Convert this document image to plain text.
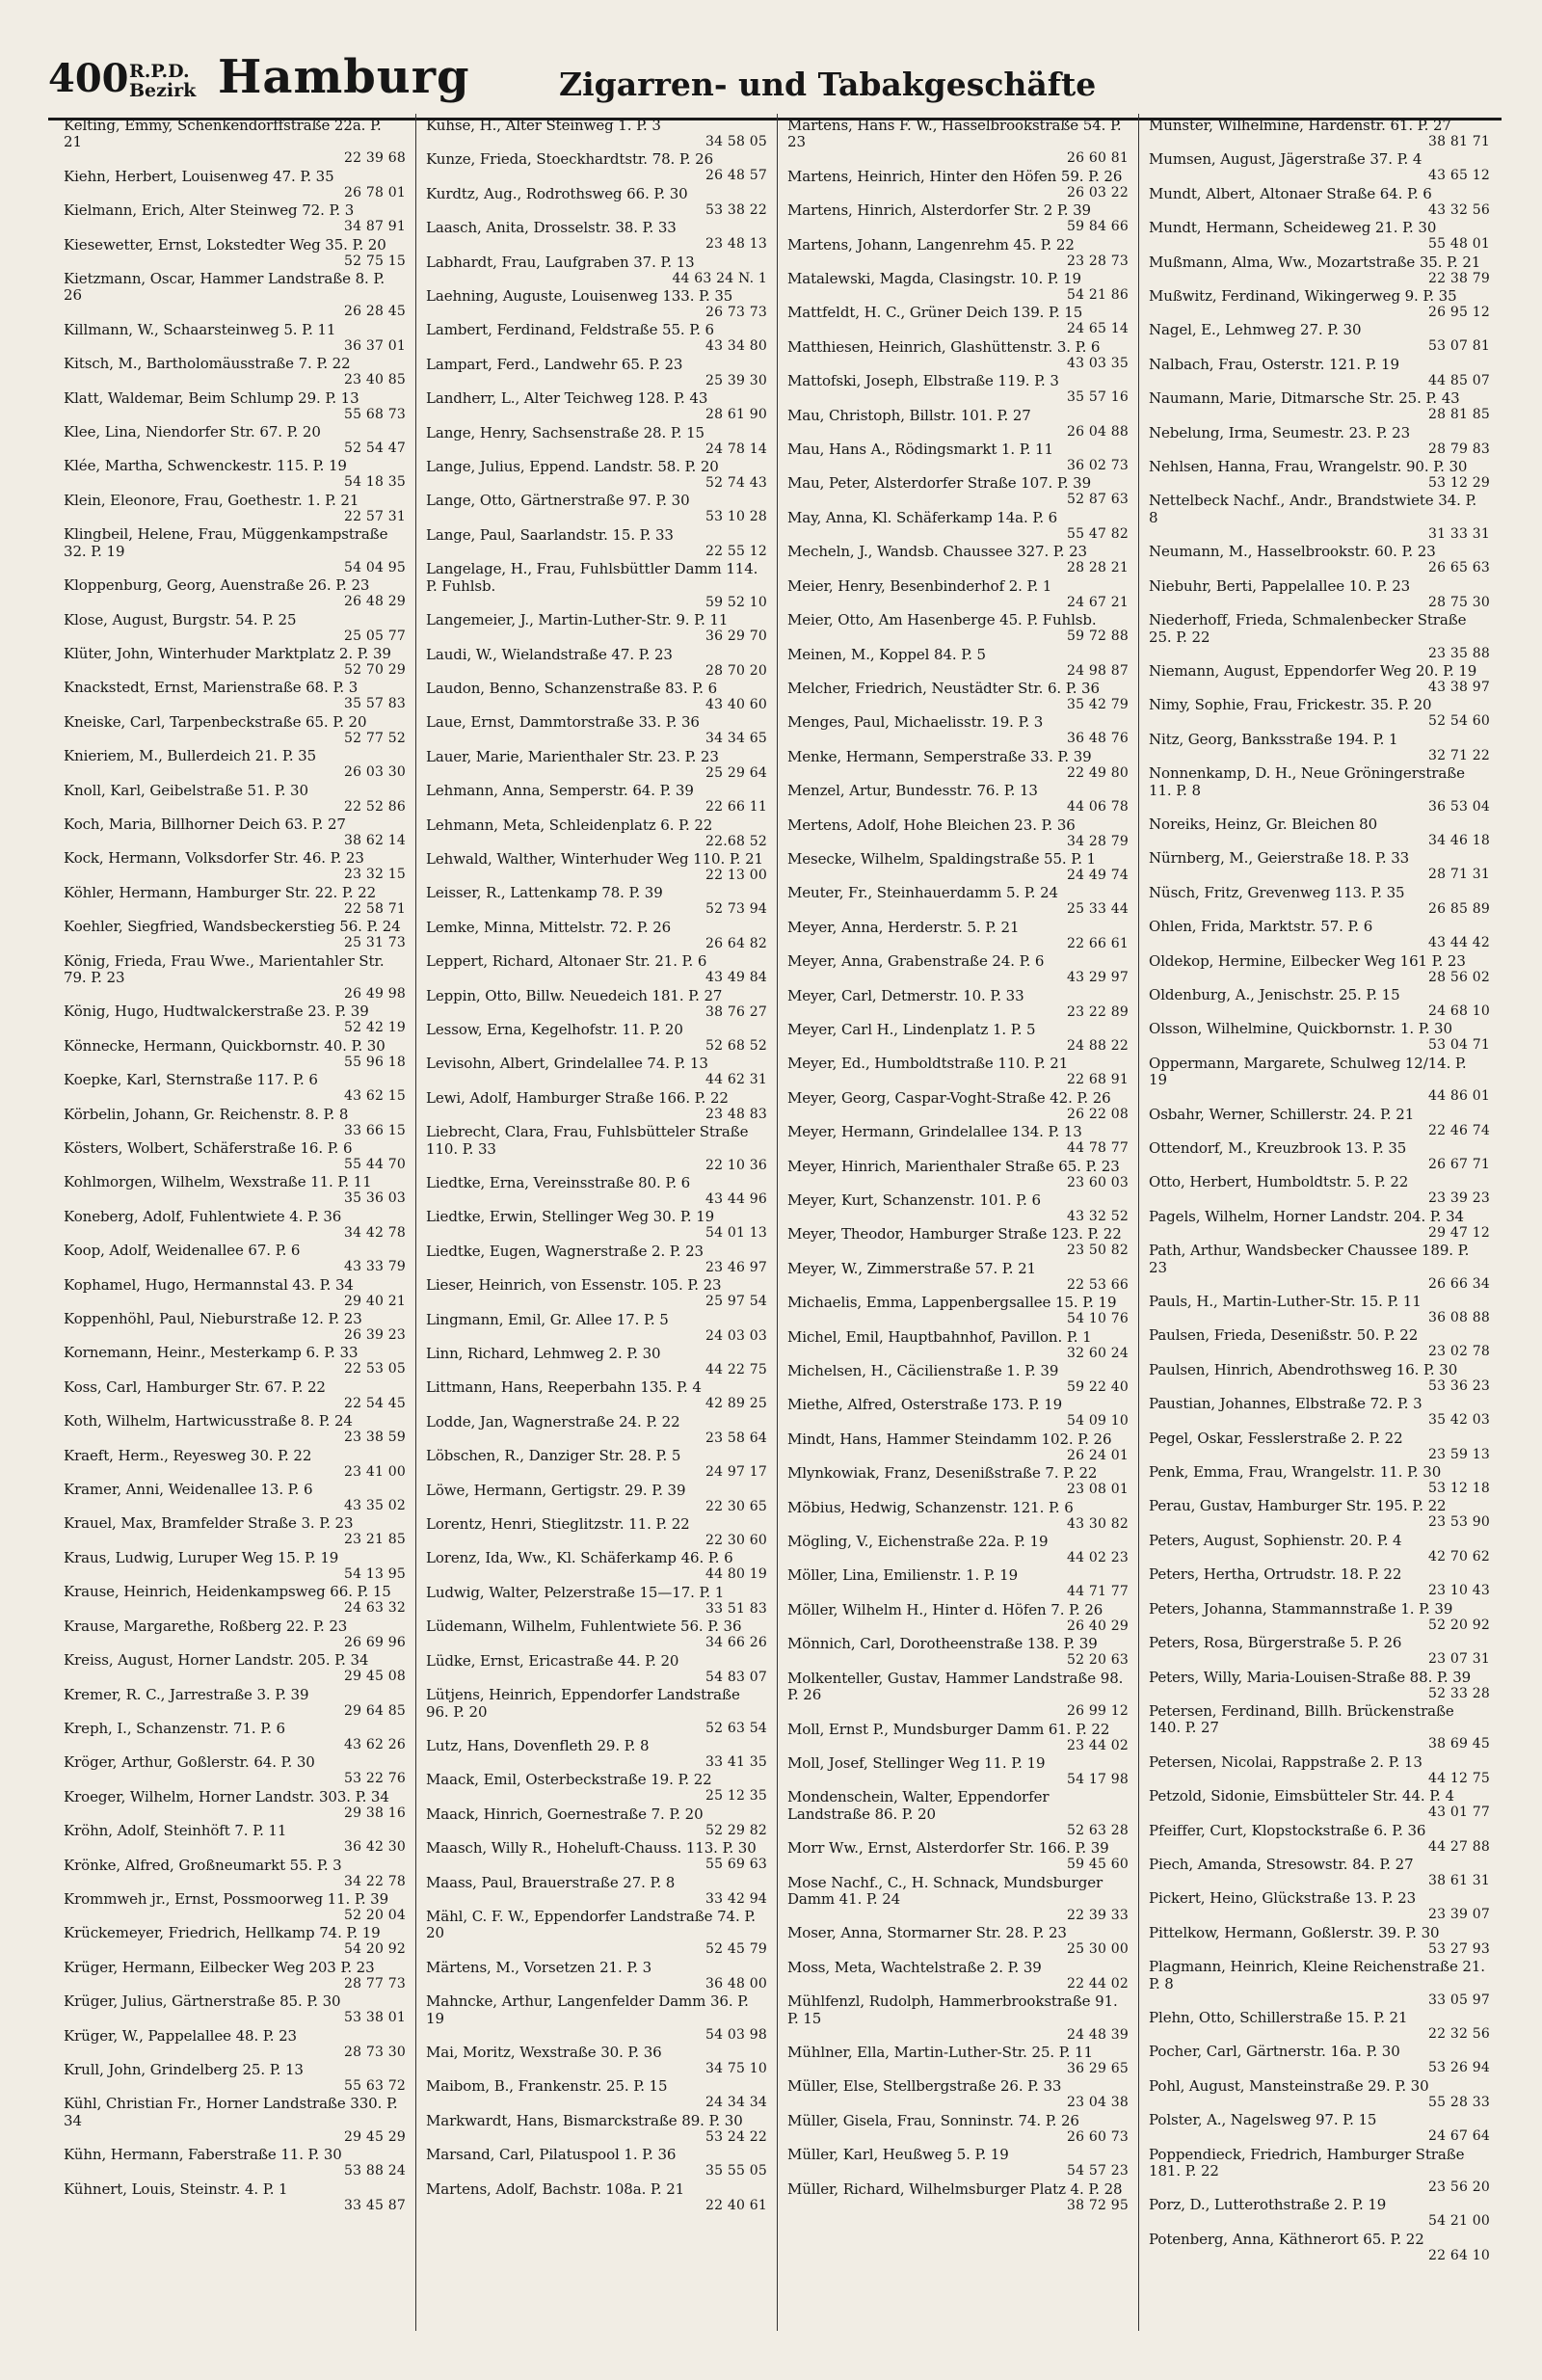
400 R.P.D.
Bezirk Hamburg	Zigarren- und Tabakgeschäfte
Kelting, Emmy, Schenkendorffstraße 22a. P. 21
22 39 68
Kiehn, Herbert, Louisenweg 47. P. 35
26 78 01
Kielmann, Erich, Alter Steinweg 72. P. 3
34 87 91
Kiesewetter, Ernst, Lokstedter Weg 35. P. 20
52 75 15
Kietzmann, Oscar, Hammer Landstraße 8. P. 26
26 28 45
Killmann, W., Schaarsteinweg 5. P. 11
36 37 01
Kitsch, M., Bartholomäusstraße 7. P. 22
23 40 85
Klatt, Waldemar, Beim Schlump 29. P. 13
55 68 73
Klee, Lina, Niendorfer Str. 67. P. 20
52 54 47
Klée, Martha, Schwenckestr. 115. P. 19
54 18 35
Klein, Eleonore, Frau, Goethestr. 1. P. 21
22 57 31
Klingbeil, Helene, Frau, Müggenkampstraße 32. P. 19
54 04 95
Kloppenburg, Georg, Auenstraße 26. P. 23
26 48 29
Klose, August, Burgstr. 54. P. 25
25 05 77
Klüter, John, Winterhuder Marktplatz 2. P. 39
52 70 29
Knackstedt, Ernst, Marienstraße 68. P. 3
35 57 83
Kneiske, Carl, Tarpenbeckstraße 65. P. 20
52 77 52
Knieriem, M., Bullerdeich 21. P. 35
26 03 30
Knoll, Karl, Geibelstraße 51. P. 30
22 52 86
Koch, Maria, Billhorner Deich 63. P. 27
38 62 14
Kock, Hermann, Volksdorfer Str. 46. P. 23
23 32 15
Köhler, Hermann, Hamburger Str. 22. P. 22
22 58 71
Koehler, Siegfried, Wandsbeckerstieg 56. P. 24
25 31 73
König, Frieda, Frau Wwe., Marientahler Str. 79. P. 23
26 49 98
König, Hugo, Hudtwalckerstraße 23. P. 39
52 42 19
Könnecke, Hermann, Quickbornstr. 40. P. 30
55 96 18
Koepke, Karl, Sternstraße 117. P. 6
43 62 15
Körbelin, Johann, Gr. Reichenstr. 8. P. 8
33 66 15
Kösters, Wolbert, Schäferstraße 16. P. 6
55 44 70
Kohlmorgen, Wilhelm, Wexstraße 11. P. 11
35 36 03
Koneberg, Adolf, Fuhlentwiete 4. P. 36
34 42 78
Koop, Adolf, Weidenallee 67. P. 6
43 33 79
Kophamel, Hugo, Hermannstal 43. P. 34
29 40 21
Koppenhöhl, Paul, Nieburstraße 12. P. 23
26 39 23
Kornemann, Heinr., Mesterkamp 6. P. 33
22 53 05
Koss, Carl, Hamburger Str. 67. P. 22
22 54 45
Koth, Wilhelm, Hartwicusstraße 8. P. 24
23 38 59
Kraeft, Herm., Reyesweg 30. P. 22
23 41 00
Kramer, Anni, Weidenallee 13. P. 6
43 35 02
Krauel, Max, Bramfelder Straße 3. P. 23
23 21 85
Kraus, Ludwig, Luruper Weg 15. P. 19
54 13 95
Krause, Heinrich, Heidenkampsweg 66. P. 15
24 63 32
Krause, Margarethe, Roßberg 22. P. 23
26 69 96
Kreiss, August, Horner Landstr. 205. P. 34
29 45 08
Kremer, R. C., Jarrestraße 3. P. 39
29 64 85
Kreph, I., Schanzenstr. 71. P. 6
43 62 26
Kröger, Arthur, Goßlerstr. 64. P. 30
53 22 76
Kroeger, Wilhelm, Horner Landstr. 303. P. 34
29 38 16
Kröhn, Adolf, Steinhöft 7. P. 11
36 42 30
Krönke, Alfred, Großneumarkt 55. P. 3
34 22 78
Krommweh jr., Ernst, Possmoorweg 11. P. 39
52 20 04
Krückemeyer, Friedrich, Hellkamp 74. P. 19
54 20 92
Krüger, Hermann, Eilbecker Weg 203 P. 23
28 77 73
Krüger, Julius, Gärtnerstraße 85. P. 30
53 38 01
Krüger, W., Pappelallee 48. P. 23
28 73 30
Krull, John, Grindelberg 25. P. 13
55 63 72
Kühl, Christian Fr., Horner Landstraße 330. P. 34
29 45 29
Kühn, Hermann, Faberstraße 11. P. 30
53 88 24
Kühnert, Louis, Steinstr. 4. P. 1
33 45 87
Kuhse, H., Alter Steinweg 1. P. 3
34 58 05
Kunze, Frieda, Stoeckhardtstr. 78. P. 26
26 48 57
Kurdtz, Aug., Rodrothsweg 66. P. 30
53 38 22
Laasch, Anita, Drosselstr. 38. P. 33
23 48 13
Labhardt, Frau, Laufgraben 37. P. 13
44 63 24 N. 1
Laehning, Auguste, Louisenweg 133. P. 35
26 73 73
Lambert, Ferdinand, Feldstraße 55. P. 6
43 34 80
Lampart, Ferd., Landwehr 65. P. 23
25 39 30
Landherr, L., Alter Teichweg 128. P. 43
28 61 90
Lange, Henry, Sachsenstraße 28. P. 15
24 78 14
Lange, Julius, Eppend. Landstr. 58. P. 20
52 74 43
Lange, Otto, Gärtnerstraße 97. P. 30
53 10 28
Lange, Paul, Saarlandstr. 15. P. 33
22 55 12
Langelage, H., Frau, Fuhlsbüttler Damm 114. P. Fuhlsb.
59 52 10
Langemeier, J., Martin-Luther-Str. 9. P. 11
36 29 70
Laudi, W., Wielandstraße 47. P. 23
28 70 20
Laudon, Benno, Schanzenstraße 83. P. 6
43 40 60
Laue, Ernst, Dammtorstraße 33. P. 36
34 34 65
Lauer, Marie, Marienthaler Str. 23. P. 23
25 29 64
Lehmann, Anna, Semperstr. 64. P. 39
22 66 11
Lehmann, Meta, Schleidenplatz 6. P. 22
22.68 52
Lehwald, Walther, Winterhuder Weg 110. P. 21
22 13 00
Leisser, R., Lattenkamp 78. P. 39
52 73 94
Lemke, Minna, Mittelstr. 72. P. 26
26 64 82
Leppert, Richard, Altonaer Str. 21. P. 6
43 49 84
Leppin, Otto, Billw. Neuedeich 181. P. 27
38 76 27
Lessow, Erna, Kegelhofstr. 11. P. 20
52 68 52
Levisohn, Albert, Grindelallee 74. P. 13
44 62 31
Lewi, Adolf, Hamburger Straße 166. P. 22
23 48 83
Liebrecht, Clara, Frau, Fuhlsbütteler Straße 110. P. 33
22 10 36
Liedtke, Erna, Vereinsstraße 80. P. 6
43 44 96
Liedtke, Erwin, Stellinger Weg 30. P. 19
54 01 13
Liedtke, Eugen, Wagnerstraße 2. P. 23
23 46 97
Lieser, Heinrich, von Essenstr. 105. P. 23
25 97 54
Lingmann, Emil, Gr. Allee 17. P. 5
24 03 03
Linn, Richard, Lehmweg 2. P. 30
44 22 75
Littmann, Hans, Reeperbahn 135. P. 4
42 89 25
Lodde, Jan, Wagnerstraße 24. P. 22
23 58 64
Löbschen, R., Danziger Str. 28. P. 5
24 97 17
Löwe, Hermann, Gertigstr. 29. P. 39
22 30 65
Lorentz, Henri, Stieglitzstr. 11. P. 22
22 30 60
Lorenz, Ida, Ww., Kl. Schäferkamp 46. P. 6
44 80 19
Ludwig, Walter, Pelzerstraße 15—17. P. 1
33 51 83
Lüdemann, Wilhelm, Fuhlentwiete 56. P. 36
34 66 26
Lüdke, Ernst, Ericastraße 44. P. 20
54 83 07
Lütjens, Heinrich, Eppendorfer Landstraße 96. P. 20
52 63 54
Lutz, Hans, Dovenfleth 29. P. 8
33 41 35
Maack, Emil, Osterbeckstraße 19. P. 22
25 12 35
Maack, Hinrich, Goernestraße 7. P. 20
52 29 82
Maasch, Willy R., Hoheluft-Chauss. 113. P. 30
55 69 63
Maass, Paul, Brauerstraße 27. P. 8
33 42 94
Mähl, C. F. W., Eppendorfer Landstraße 74. P. 20
52 45 79
Märtens, M., Vorsetzen 21. P. 3
36 48 00
Mahncke, Arthur, Langenfelder Damm 36. P. 19
54 03 98
Mai, Moritz, Wexstraße 30. P. 36
34 75 10
Maibom, B., Frankenstr. 25. P. 15
24 34 34
Markwardt, Hans, Bismarckstraße 89. P. 30
53 24 22
Marsand, Carl, Pilatuspool 1. P. 36
35 55 05
Martens, Adolf, Bachstr. 108a. P. 21
22 40 61
Martens, Hans F. W., Hasselbrookstraße 54. P. 23
26 60 81
Martens, Heinrich, Hinter den Höfen 59. P. 26
26 03 22
Martens, Hinrich, Alsterdorfer Str. 2 P. 39
59 84 66
Martens, Johann, Langenrehm 45. P. 22
23 28 73
Matalewski, Magda, Clasingstr. 10. P. 19
54 21 86
Mattfeldt, H. C., Grüner Deich 139. P. 15
24 65 14
Matthiesen, Heinrich, Glashüttenstr. 3. P. 6
43 03 35
Mattofski, Joseph, Elbstraße 119. P. 3
35 57 16
Mau, Christoph, Billstr. 101. P. 27
26 04 88
Mau, Hans A., Rödingsmarkt 1. P. 11
36 02 73
Mau, Peter, Alsterdorfer Straße 107. P. 39
52 87 63
May, Anna, Kl. Schäferkamp 14a. P. 6
55 47 82
Mecheln, J., Wandsb. Chaussee 327. P. 23
28 28 21
Meier, Henry, Besenbinderhof 2. P. 1
24 67 21
Meier, Otto, Am Hasenberge 45. P. Fuhlsb.
59 72 88
Meinen, M., Koppel 84. P. 5
24 98 87
Melcher, Friedrich, Neustädter Str. 6. P. 36
35 42 79
Menges, Paul, Michaelisstr. 19. P. 3
36 48 76
Menke, Hermann, Semperstraße 33. P. 39
22 49 80
Menzel, Artur, Bundesstr. 76. P. 13
44 06 78
Mertens, Adolf, Hohe Bleichen 23. P. 36
34 28 79
Mesecke, Wilhelm, Spaldingstraße 55. P. 1
24 49 74
Meuter, Fr., Steinhauerdamm 5. P. 24
25 33 44
Meyer, Anna, Herderstr. 5. P. 21
22 66 61
Meyer, Anna, Grabenstraße 24. P. 6
43 29 97
Meyer, Carl, Detmerstr. 10. P. 33
23 22 89
Meyer, Carl H., Lindenplatz 1. P. 5
24 88 22
Meyer, Ed., Humboldtstraße 110. P. 21
22 68 91
Meyer, Georg, Caspar-Voght-Straße 42. P. 26
26 22 08
Meyer, Hermann, Grindelallee 134. P. 13
44 78 77
Meyer, Hinrich, Marienthaler Straße 65. P. 23
23 60 03
Meyer, Kurt, Schanzenstr. 101. P. 6
43 32 52
Meyer, Theodor, Hamburger Straße 123. P. 22
23 50 82
Meyer, W., Zimmerstraße 57. P. 21
22 53 66
Michaelis, Emma, Lappenbergsallee 15. P. 19
54 10 76
Michel, Emil, Hauptbahnhof, Pavillon. P. 1
32 60 24
Michelsen, H., Cäcilienstraße 1. P. 39
59 22 40
Miethe, Alfred, Osterstraße 173. P. 19
54 09 10
Mindt, Hans, Hammer Steindamm 102. P. 26
26 24 01
Mlynkowiak, Franz, Desenißstraße 7. P. 22
23 08 01
Möbius, Hedwig, Schanzenstr. 121. P. 6
43 30 82
Mögling, V., Eichenstraße 22a. P. 19
44 02 23
Möller, Lina, Emilienstr. 1. P. 19
44 71 77
Möller, Wilhelm H., Hinter d. Höfen 7. P. 26
26 40 29
Mönnich, Carl, Dorotheenstraße 138. P. 39
52 20 63
Molkenteller, Gustav, Hammer Landstraße 98. P. 26
26 99 12
Moll, Ernst P., Mundsburger Damm 61. P. 22
23 44 02
Moll, Josef, Stellinger Weg 11. P. 19
54 17 98
Mondenschein, Walter, Eppendorfer Landstraße 86. P. 20
52 63 28
Morr Ww., Ernst, Alsterdorfer Str. 166. P. 39
59 45 60
Mose Nachf., C., H. Schnack, Mundsburger Damm 41. P. 24
22 39 33
Moser, Anna, Stormarner Str. 28. P. 23
25 30 00
Moss, Meta, Wachtelstraße 2. P. 39
22 44 02
Mühlfenzl, Rudolph, Hammerbrookstraße 91. P. 15
24 48 39
Mühlner, Ella, Martin-Luther-Str. 25. P. 11
36 29 65
Müller, Else, Stellbergstraße 26. P. 33
23 04 38
Müller, Gisela, Frau, Sonninstr. 74. P. 26
26 60 73
Müller, Karl, Heußweg 5. P. 19
54 57 23
Müller, Richard, Wilhelmsburger Platz 4. P. 28
38 72 95
Münster, Wilhelmine, Hardenstr. 61. P. 27
38 81 71
Mumsen, August, Jägerstraße 37. P. 4
43 65 12
Mundt, Albert, Altonaer Straße 64. P. 6
43 32 56
Mundt, Hermann, Scheideweg 21. P. 30
55 48 01
Mußmann, Alma, Ww., Mozartstraße 35. P. 21
22 38 79
Mußwitz, Ferdinand, Wikingerweg 9. P. 35
26 95 12
Nagel, E., Lehmweg 27. P. 30
53 07 81
Nalbach, Frau, Osterstr. 121. P. 19
44 85 07
Naumann, Marie, Ditmarsche Str. 25. P. 43
28 81 85
Nebelung, Irma, Seumestr. 23. P. 23
28 79 83
Nehlsen, Hanna, Frau, Wrangelstr. 90. P. 30
53 12 29
Nettelbeck Nachf., Andr., Brandstwiete 34. P. 8
31 33 31
Neumann, M., Hasselbrookstr. 60. P. 23
26 65 63
Niebuhr, Berti, Pappelallee 10. P. 23
28 75 30
Niederhoff, Frieda, Schmalenbecker Straße 25. P. 22
23 35 88
Niemann, August, Eppendorfer Weg 20. P. 19
43 38 97
Nimy, Sophie, Frau, Frickestr. 35. P. 20
52 54 60
Nitz, Georg, Banksstraße 194. P. 1
32 71 22
Nonnenkamp, D. H., Neue Gröningerstraße 11. P. 8
36 53 04
Noreiks, Heinz, Gr. Bleichen 80
34 46 18
Nürnberg, M., Geierstraße 18. P. 33
28 71 31
Nüsch, Fritz, Grevenweg 113. P. 35
26 85 89
Ohlen, Frida, Marktstr. 57. P. 6
43 44 42
Oldekop, Hermine, Eilbecker Weg 161 P. 23
28 56 02
Oldenburg, A., Jenischstr. 25. P. 15
24 68 10
Olsson, Wilhelmine, Quickbornstr. 1. P. 30
53 04 71
Oppermann, Margarete, Schulweg 12/14. P. 19
44 86 01
Osbahr, Werner, Schillerstr. 24. P. 21
22 46 74
Ottendorf, M., Kreuzbrook 13. P. 35
26 67 71
Otto, Herbert, Humboldtstr. 5. P. 22
23 39 23
Pagels, Wilhelm, Horner Landstr. 204. P. 34
29 47 12
Path, Arthur, Wandsbecker Chaussee 189. P. 23
26 66 34
Pauls, H., Martin-Luther-Str. 15. P. 11
36 08 88
Paulsen, Frieda, Desenißstr. 50. P. 22
23 02 78
Paulsen, Hinrich, Abendrothsweg 16. P. 30
53 36 23
Paustian, Johannes, Elbstraße 72. P. 3
35 42 03
Pegel, Oskar, Fesslerstraße 2. P. 22
23 59 13
Penk, Emma, Frau, Wrangelstr. 11. P. 30
53 12 18
Perau, Gustav, Hamburger Str. 195. P. 22
23 53 90
Peters, August, Sophienstr. 20. P. 4
42 70 62
Peters, Hertha, Ortrudstr. 18. P. 22
23 10 43
Peters, Johanna, Stammannstraße 1. P. 39
52 20 92
Peters, Rosa, Bürgerstraße 5. P. 26
23 07 31
Peters, Willy, Maria-Louisen-Straße 88. P. 39
52 33 28
Petersen, Ferdinand, Billh. Brückenstraße 140. P. 27
38 69 45
Petersen, Nicolai, Rappstraße 2. P. 13
44 12 75
Petzold, Sidonie, Eimsbütteler Str. 44. P. 4
43 01 77
Pfeiffer, Curt, Klopstockstraße 6. P. 36
44 27 88
Piech, Amanda, Stresowstr. 84. P. 27
38 61 31
Pickert, Heino, Glückstraße 13. P. 23
23 39 07
Pittelkow, Hermann, Goßlerstr. 39. P. 30
53 27 93
Plagmann, Heinrich, Kleine Reichenstraße 21. P. 8
33 05 97
Plehn, Otto, Schillerstraße 15. P. 21
22 32 56
Pocher, Carl, Gärtnerstr. 16a. P. 30
53 26 94
Pohl, August, Mansteinstraße 29. P. 30
55 28 33
Polster, A., Nagelsweg 97. P. 15
24 67 64
Poppendieck, Friedrich, Hamburger Straße 181. P. 22
23 56 20
Porz, D., Lutterothstraße 2. P. 19
54 21 00
Potenberg, Anna, Käthnerort 65. P. 22
22 64 10
